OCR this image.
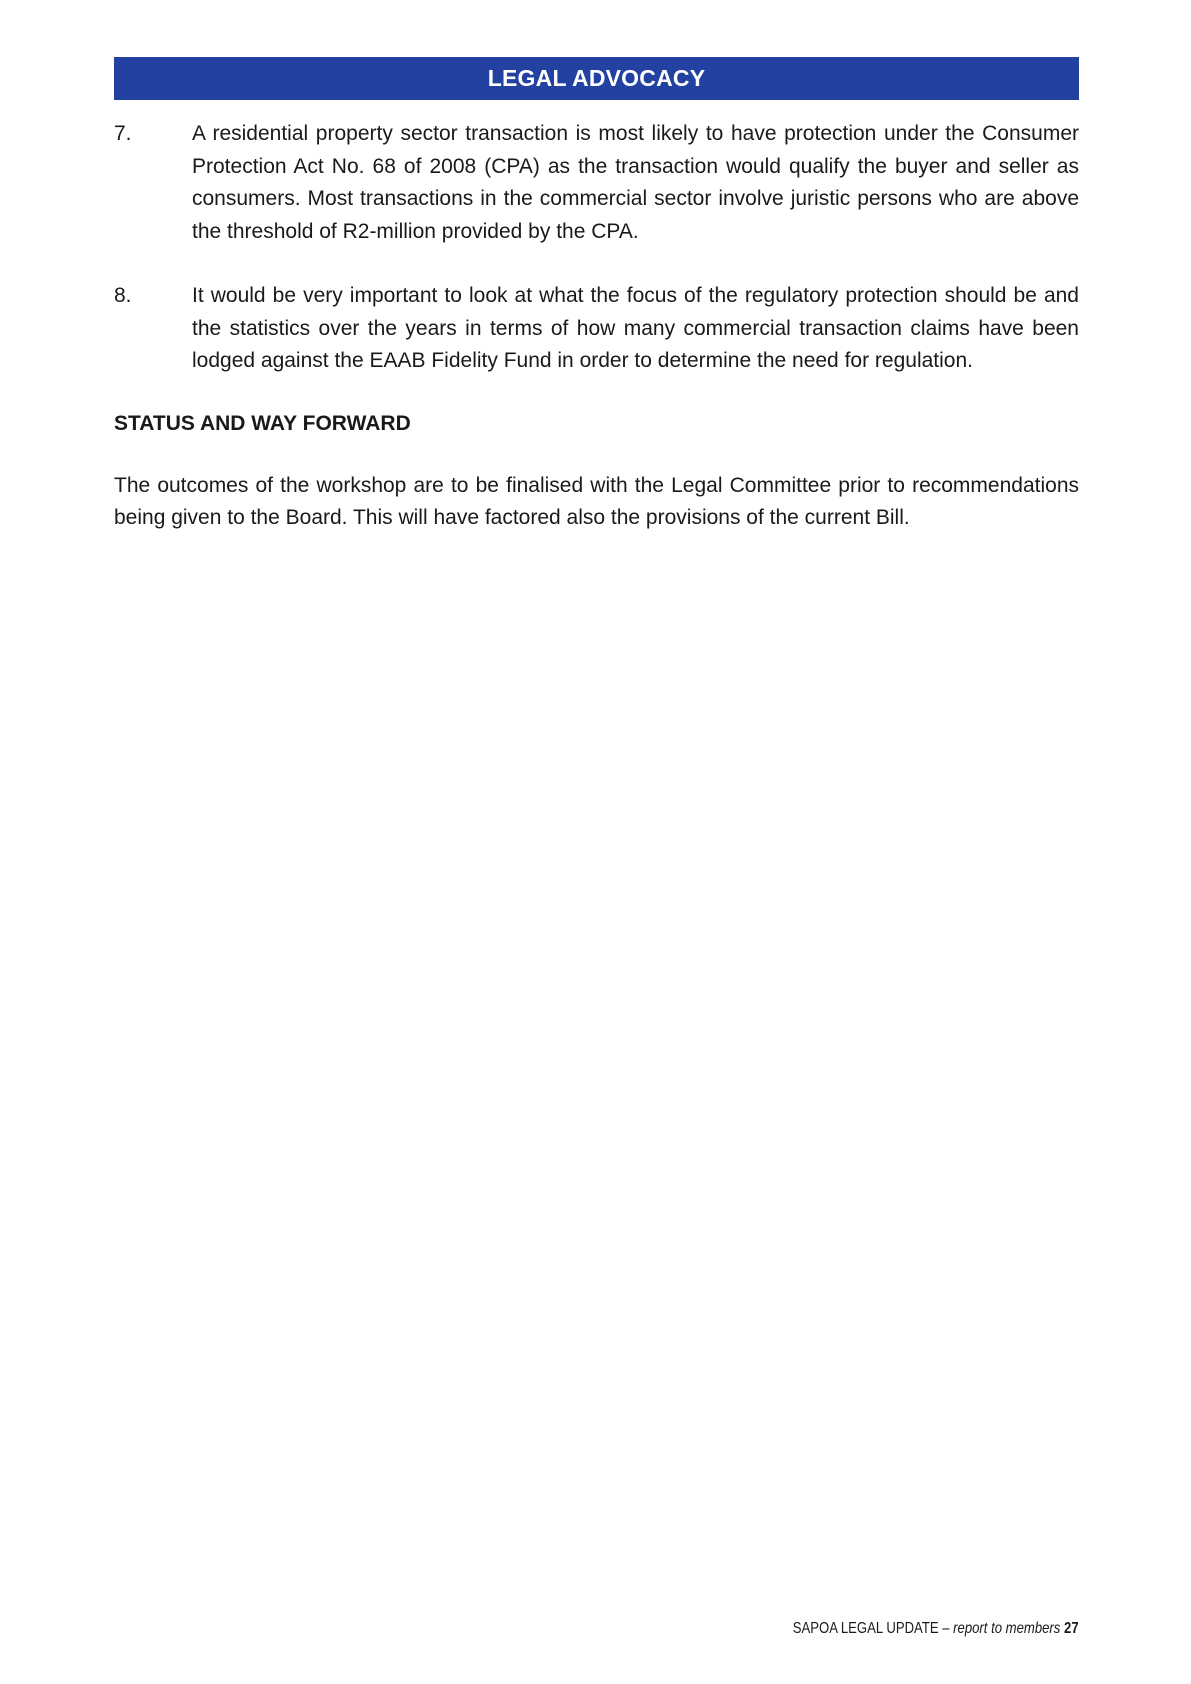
LEGAL ADVOCACY
7.	A residential property sector transaction is most likely to have protection under the Consumer Protection Act No. 68 of 2008 (CPA) as the transaction would qualify the buyer and seller as consumers. Most transactions in the commercial sector involve juristic persons who are above the threshold of R2-million provided by the CPA.
8.	It would be very important to look at what the focus of the regulatory protection should be and the statistics over the years in terms of how many commercial transaction claims have been lodged against the EAAB Fidelity Fund in order to determine the need for regulation.
STATUS AND WAY FORWARD
The outcomes of the workshop are to be finalised with the Legal Committee prior to recommendations being given to the Board. This will have factored also the provisions of the current Bill.
SAPOA LEGAL UPDATE – report to members 27
